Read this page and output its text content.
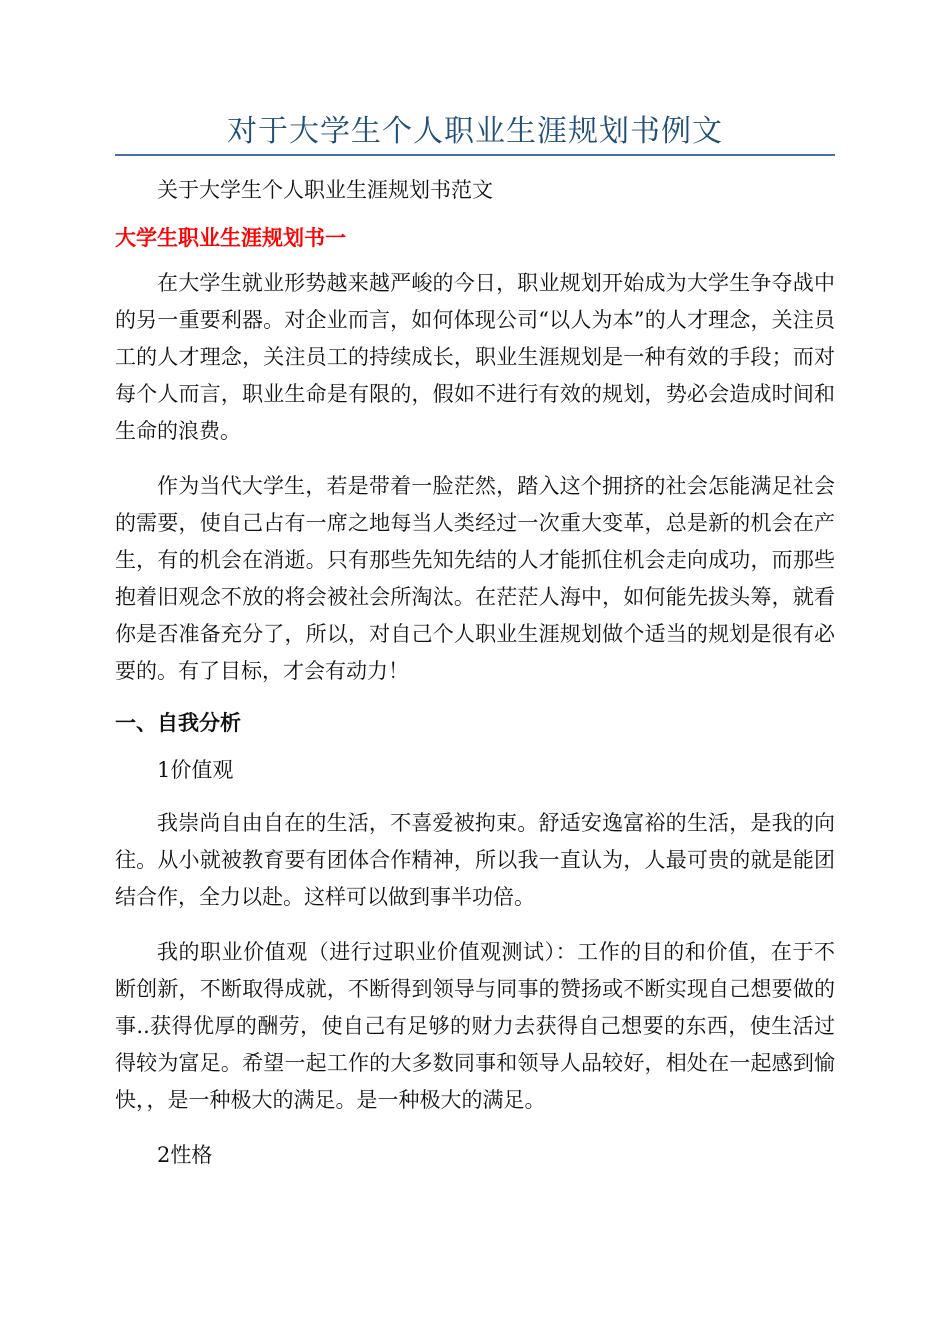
对于大学生个人职业生涯规划书例文

关于大学生个人职业生涯规划书范文

大学生职业生涯规划书一

在大学生就业形势越来越严峻的今日，职业规划开始成为大学生争夺战中的另一重要利器。对企业而言，如何体现公司“以人为本”的人才理念，关注员工的人才理念，关注员工的持续成长，职业生涯规划是一种有效的手段；而对每个人而言，职业生命是有限的，假如不进行有效的规划，势必会造成时间和生命的浪费。

作为当代大学生，若是带着一脸茫然，踏入这个拥挤的社会怎能满足社会的需要，使自己占有一席之地每当人类经过一次重大变革，总是新的机会在产生，有的机会在消逝。只有那些先知先结的人才能抓住机会走向成功，而那些抱着旧观念不放的将会被社会所淘汰。在茫茫人海中，如何能先拔头筹，就看你是否准备充分了，所以，对自己个人职业生涯规划做个适当的规划是很有必要的。有了目标，才会有动力！

一、自我分析

1价值观

我崇尚自由自在的生活，不喜爱被拘束。舒适安逸富裕的生活，是我的向往。从小就被教育要有团体合作精神，所以我一直认为，人最可贵的就是能团结合作，全力以赴。这样可以做到事半功倍。

我的职业价值观（进行过职业价值观测试）：工作的目的和价值，在于不断创新，不断取得成就，不断得到领导与同事的赞扬或不断实现自己想要做的事..获得优厚的酬劳，使自己有足够的财力去获得自己想要的东西，使生活过得较为富足。希望一起工作的大多数同事和领导人品较好，相处在一起感到愉快，，是一种极大的满足。是一种极大的满足。

2性格
